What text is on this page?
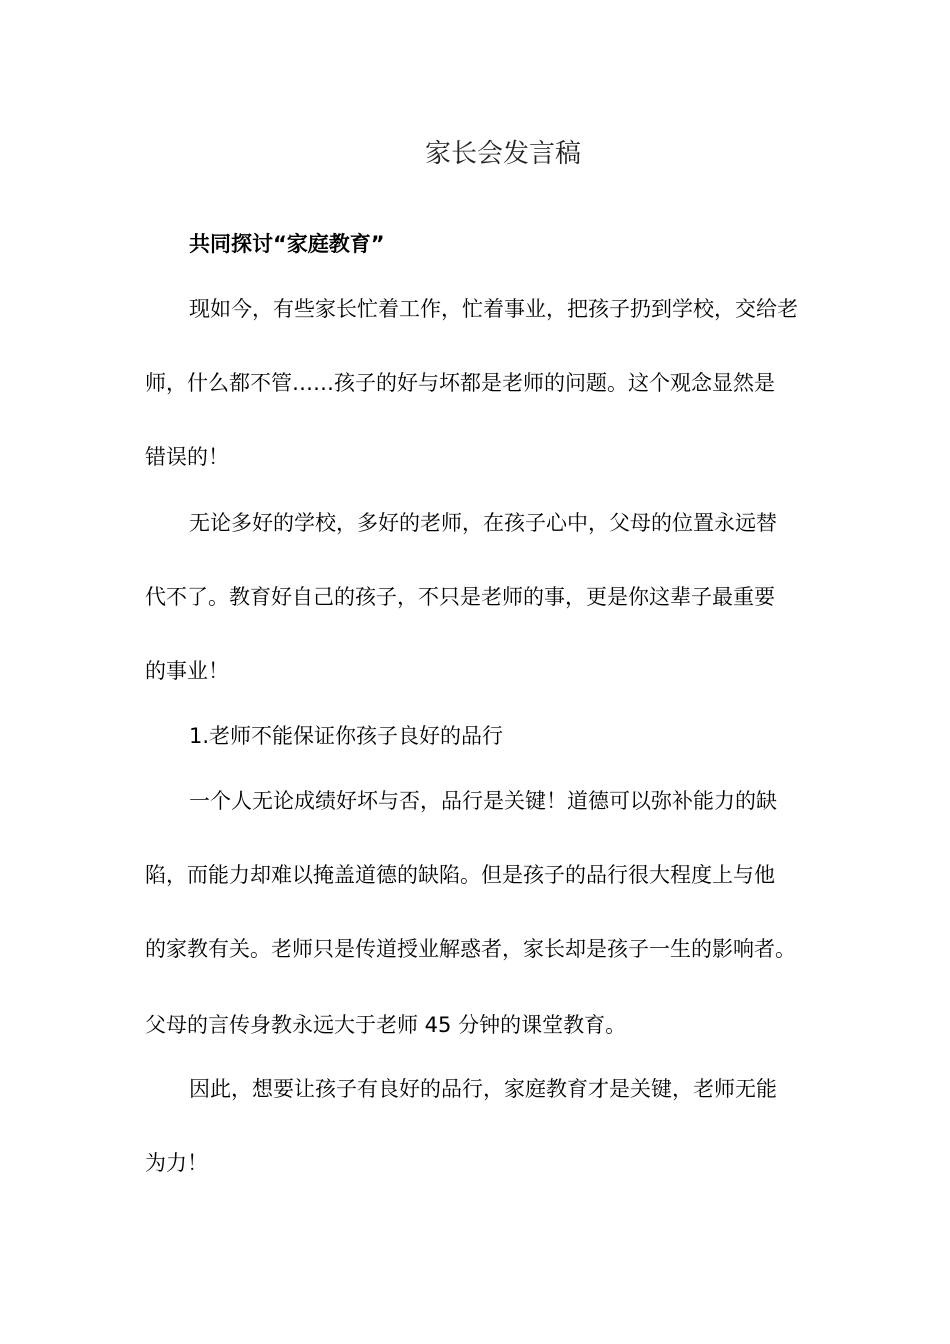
家长会发言稿
共同探讨“家庭教育”
现如今，有些家长忙着工作，忙着事业，把孩子扔到学校，交给老
师，什么都不管……孩子的好与坏都是老师的问题。这个观念显然是
错误的！
无论多好的学校，多好的老师，在孩子心中，父母的位置永远替
代不了。教育好自己的孩子，不只是老师的事，更是你这辈子最重要
的事业！
1.老师不能保证你孩子良好的品行
一个人无论成绩好坏与否，品行是关键！道德可以弥补能力的缺
陷，而能力却难以掩盖道德的缺陷。但是孩子的品行很大程度上与他
的家教有关。老师只是传道授业解惑者，家长却是孩子一生的影响者。
父母的言传身教永远大于老师 45 分钟的课堂教育。
因此，想要让孩子有良好的品行，家庭教育才是关键，老师无能
为力！
